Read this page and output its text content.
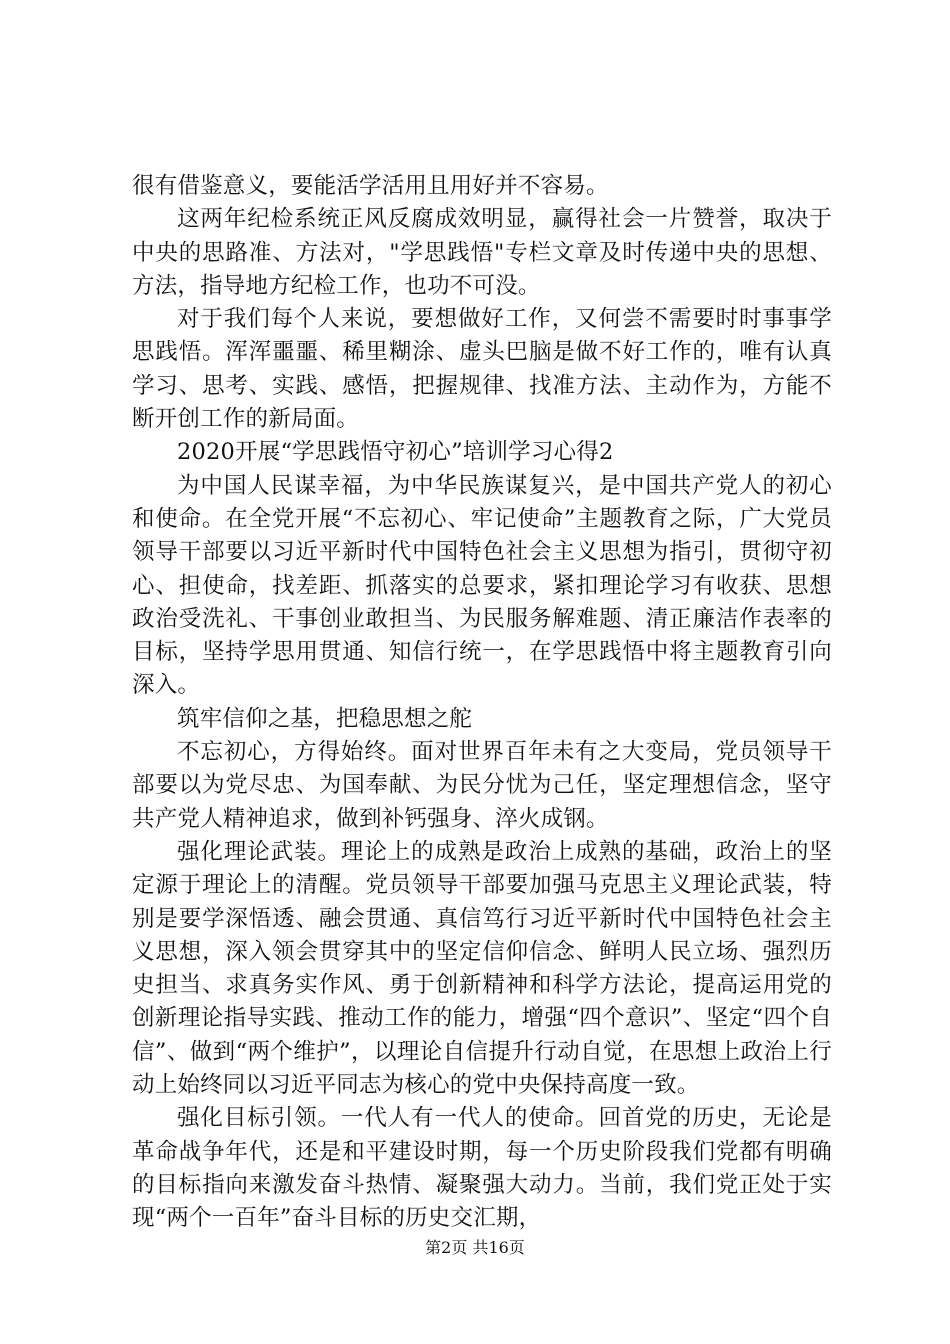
很有借鉴意义，要能活学活用且用好并不容易。

这两年纪检系统正风反腐成效明显，赢得社会一片赞誉，取决于中央的思路准、方法对，"学思践悟"专栏文章及时传递中央的思想、方法，指导地方纪检工作，也功不可没。

对于我们每个人来说，要想做好工作，又何尝不需要时时事事学思践悟。浑浑噩噩、稀里糊涂、虚头巴脑是做不好工作的，唯有认真学习、思考、实践、感悟，把握规律、找准方法、主动作为，方能不断开创工作的新局面。

2020开展“学思践悟守初心”培训学习心得2

为中国人民谋幸福，为中华民族谋复兴，是中国共产党人的初心和使命。在全党开展“不忘初心、牢记使命”主题教育之际，广大党员领导干部要以习近平新时代中国特色社会主义思想为指引，贯彻守初心、担使命，找差距、抓落实的总要求，紧扣理论学习有收获、思想政治受洗礼、干事创业敢担当、为民服务解难题、清正廉洁作表率的目标，坚持学思用贯通、知信行统一，在学思践悟中将主题教育引向深入。

筑牢信仰之基，把稳思想之舵

不忘初心，方得始终。面对世界百年未有之大变局，党员领导干部要以为党尽忠、为国奉献、为民分忧为己任，坚定理想信念，坚守共产党人精神追求，做到补钙强身、淬火成钢。

强化理论武装。理论上的成熟是政治上成熟的基础，政治上的坚定源于理论上的清醒。党员领导干部要加强马克思主义理论武装，特别是要学深悟透、融会贯通、真信笃行习近平新时代中国特色社会主义思想，深入领会贯穿其中的坚定信仰信念、鲜明人民立场、强烈历史担当、求真务实作风、勇于创新精神和科学方法论，提高运用党的创新理论指导实践、推动工作的能力，增强“四个意识”、坚定“四个自信”、做到“两个维护”，以理论自信提升行动自觉，在思想上政治上行动上始终同以习近平同志为核心的党中央保持高度一致。

强化目标引领。一代人有一代人的使命。回首党的历史，无论是革命战争年代，还是和平建设时期，每一个历史阶段我们党都有明确的目标指向来激发奋斗热情、凝聚强大动力。当前，我们党正处于实现“两个一百年”奋斗目标的历史交汇期，

第2页 共16页
